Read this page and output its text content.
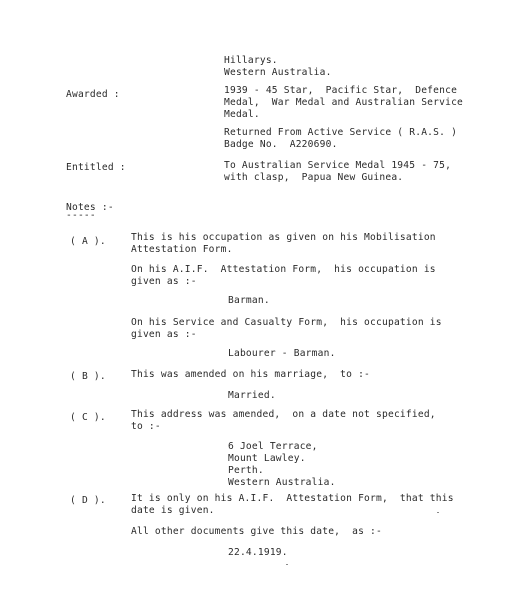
Hillarys.
Western Australia.
Awarded :	1939 - 45 Star,  Pacific Star,  Defence
Medal,  War Medal and Australian Service
Medal.
Returned From Active Service ( R.A.S. )
Badge No.  A220690.
Entitled :	To Australian Service Medal 1945 - 75,
with clasp,  Papua New Guinea.
Notes :-
-----
( A ).	This is his occupation as given on his Mobilisation
Attestation Form.
On his A.I.F.  Attestation Form,  his occupation is
given as :-
Barman.
On his Service and Casualty Form,  his occupation is
given as :-
Labourer - Barman.
( B ).	This was amended on his marriage,  to :-
Married.
( C ).	This address was amended,  on a date not specified,
to :-
6 Joel Terrace,
Mount Lawley.
Perth.
Western Australia.
( D ).	It is only on his A.I.F.  Attestation Form,  that this
date is given.
All other documents give this date,  as :-
22.4.1919.
